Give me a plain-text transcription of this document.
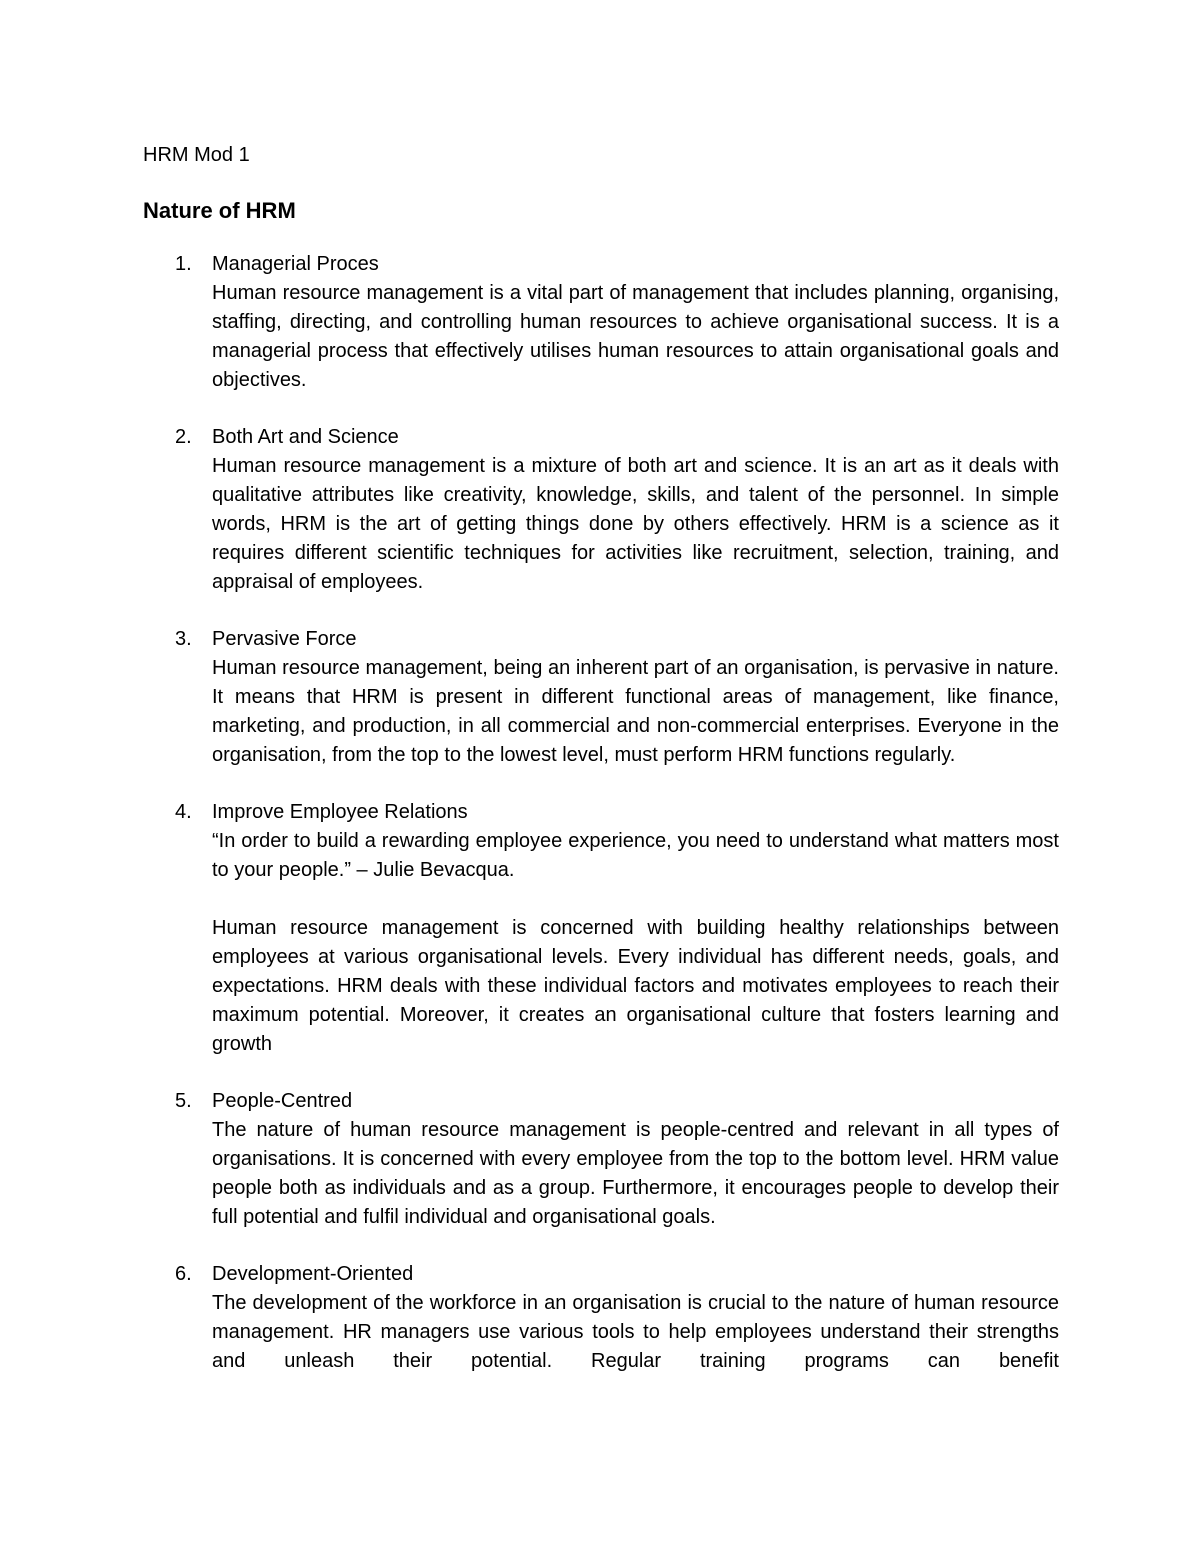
HRM Mod 1
Nature of HRM
1. Managerial Proces

Human resource management is a vital part of management that includes planning, organising, staffing, directing, and controlling human resources to achieve organisational success. It is a managerial process that effectively utilises human resources to attain organisational goals and objectives.

2. Both Art and Science

Human resource management is a mixture of both art and science. It is an art as it deals with qualitative attributes like creativity, knowledge, skills, and talent of the personnel. In simple words, HRM is the art of getting things done by others effectively. HRM is a science as it requires different scientific techniques for activities like recruitment, selection, training, and appraisal of employees.

3. Pervasive Force

Human resource management, being an inherent part of an organisation, is pervasive in nature. It means that HRM is present in different functional areas of management, like finance, marketing, and production, in all commercial and non-commercial enterprises. Everyone in the organisation, from the top to the lowest level, must perform HRM functions regularly.

4. Improve Employee Relations

“In order to build a rewarding employee experience, you need to understand what matters most to your people.” – Julie Bevacqua.

Human resource management is concerned with building healthy relationships between employees at various organisational levels. Every individual has different needs, goals, and expectations. HRM deals with these individual factors and motivates employees to reach their maximum potential. Moreover, it creates an organisational culture that fosters learning and growth

5. People-Centred

The nature of human resource management is people-centred and relevant in all types of organisations. It is concerned with every employee from the top to the bottom level. HRM value people both as individuals and as a group. Furthermore, it encourages people to develop their full potential and fulfil individual and organisational goals.

6. Development-Oriented

The development of the workforce in an organisation is crucial to the nature of human resource management. HR managers use various tools to help employees understand their strengths and unleash their potential. Regular training programs can benefit
